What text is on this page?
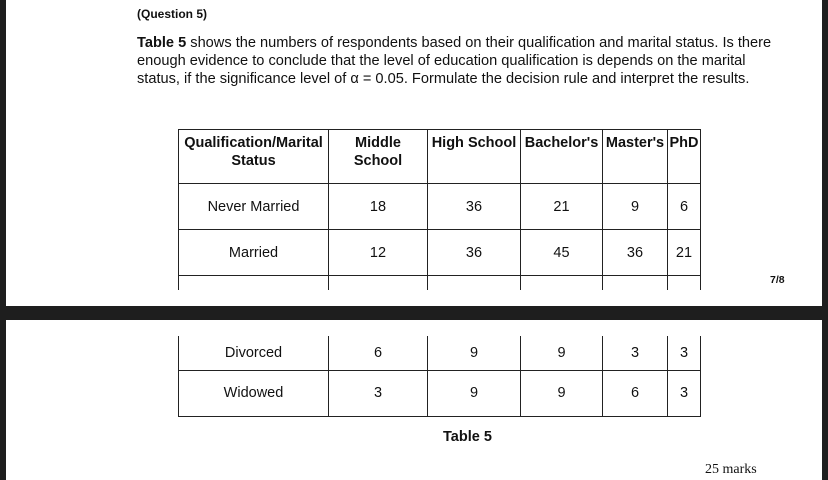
(Question 5)
Table 5 shows the numbers of respondents based on their qualification and marital status. Is there enough evidence to conclude that the level of education qualification is depends on the marital status, if the significance level of α = 0.05. Formulate the decision rule and interpret the results.
Qualification/Marital Status	Middle School	High School	Bachelor's	Master's	PhD
Never Married	18	36	21	9	6
Married	12	36	45	36	21

7/8
Divorced	6	9	9	3	3
Widowed	3	9	9	6	3
Table 5
25 marks
